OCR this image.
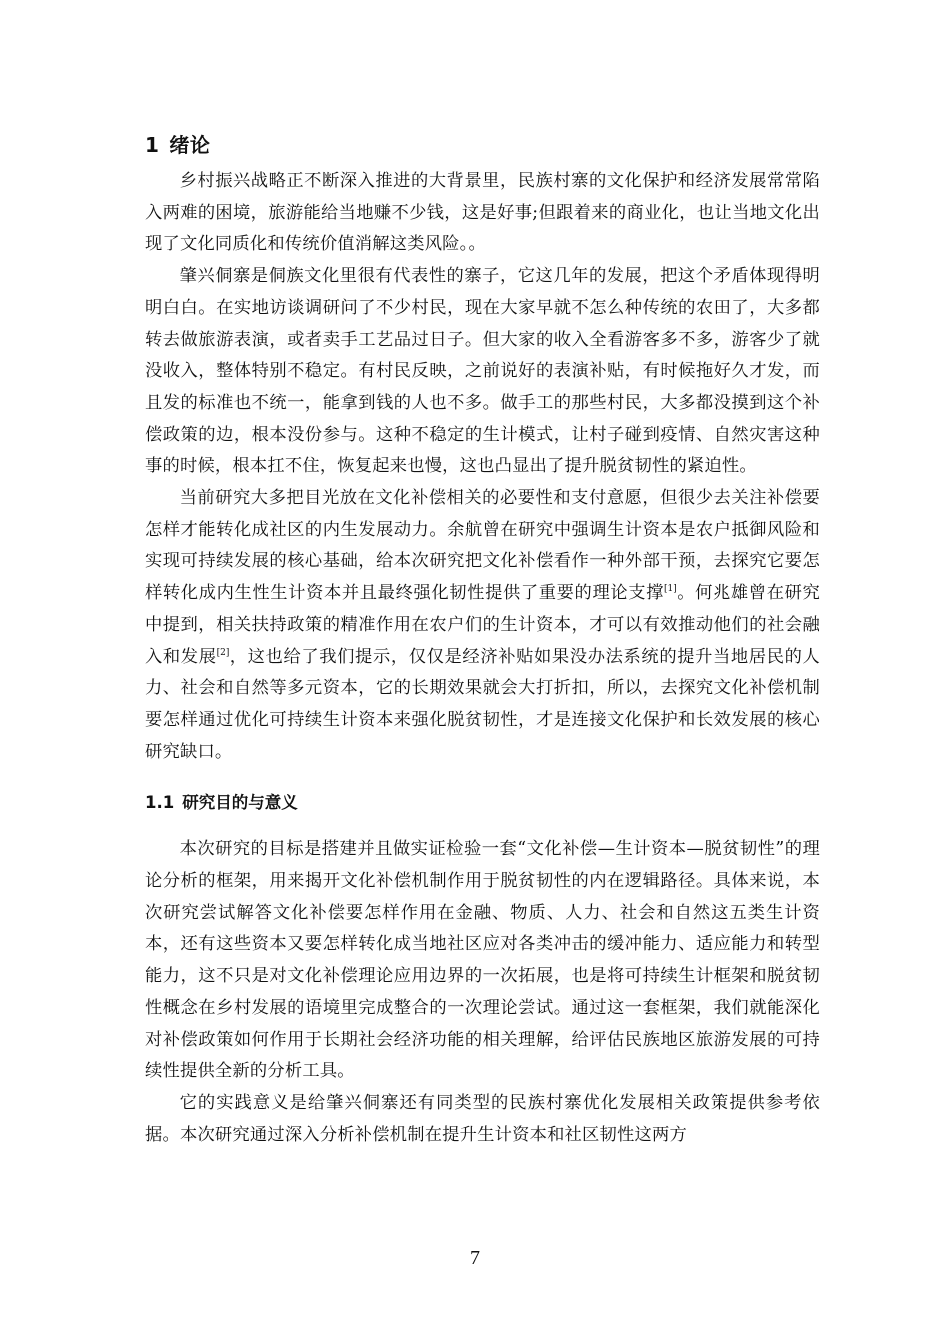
1 绪论

乡村振兴战略正不断深入推进的大背景里，民族村寨的文化保护和经济发展常常陷入两难的困境，旅游能给当地赚不少钱，这是好事;但跟着来的商业化，也让当地文化出现了文化同质化和传统价值消解这类风险。。

肇兴侗寨是侗族文化里很有代表性的寨子，它这几年的发展，把这个矛盾体现得明明白白。在实地访谈调研问了不少村民，现在大家早就不怎么种传统的农田了，大多都转去做旅游表演，或者卖手工艺品过日子。但大家的收入全看游客多不多，游客少了就没收入，整体特别不稳定。有村民反映，之前说好的表演补贴，有时候拖好久才发，而且发的标准也不统一，能拿到钱的人也不多。做手工的那些村民，大多都没摸到这个补偿政策的边，根本没份参与。这种不稳定的生计模式，让村子碰到疫情、自然灾害这种事的时候，根本扛不住，恢复起来也慢，这也凸显出了提升脱贫韧性的紧迫性。

当前研究大多把目光放在文化补偿相关的必要性和支付意愿，但很少去关注补偿要怎样才能转化成社区的内生发展动力。余航曾在研究中强调生计资本是农户抵御风险和实现可持续发展的核心基础，给本次研究把文化补偿看作一种外部干预，去探究它要怎样转化成内生性生计资本并且最终强化韧性提供了重要的理论支撑[1]。何兆雄曾在研究中提到，相关扶持政策的精准作用在农户们的生计资本，才可以有效推动他们的社会融入和发展[2]，这也给了我们提示，仅仅是经济补贴如果没办法系统的提升当地居民的人力、社会和自然等多元资本，它的长期效果就会大打折扣，所以，去探究文化补偿机制要怎样通过优化可持续生计资本来强化脱贫韧性，才是连接文化保护和长效发展的核心研究缺口。

1.1 研究目的与意义

本次研究的目标是搭建并且做实证检验一套“文化补偿—生计资本—脱贫韧性”的理论分析的框架，用来揭开文化补偿机制作用于脱贫韧性的内在逻辑路径。具体来说，本次研究尝试解答文化补偿要怎样作用在金融、物质、人力、社会和自然这五类生计资本，还有这些资本又要怎样转化成当地社区应对各类冲击的缓冲能力、适应能力和转型能力，这不只是对文化补偿理论应用边界的一次拓展，也是将可持续生计框架和脱贫韧性概念在乡村发展的语境里完成整合的一次理论尝试。通过这一套框架，我们就能深化对补偿政策如何作用于长期社会经济功能的相关理解，给评估民族地区旅游发展的可持续性提供全新的分析工具。

它的实践意义是给肇兴侗寨还有同类型的民族村寨优化发展相关政策提供参考依据。本次研究通过深入分析补偿机制在提升生计资本和社区韧性这两方

7
